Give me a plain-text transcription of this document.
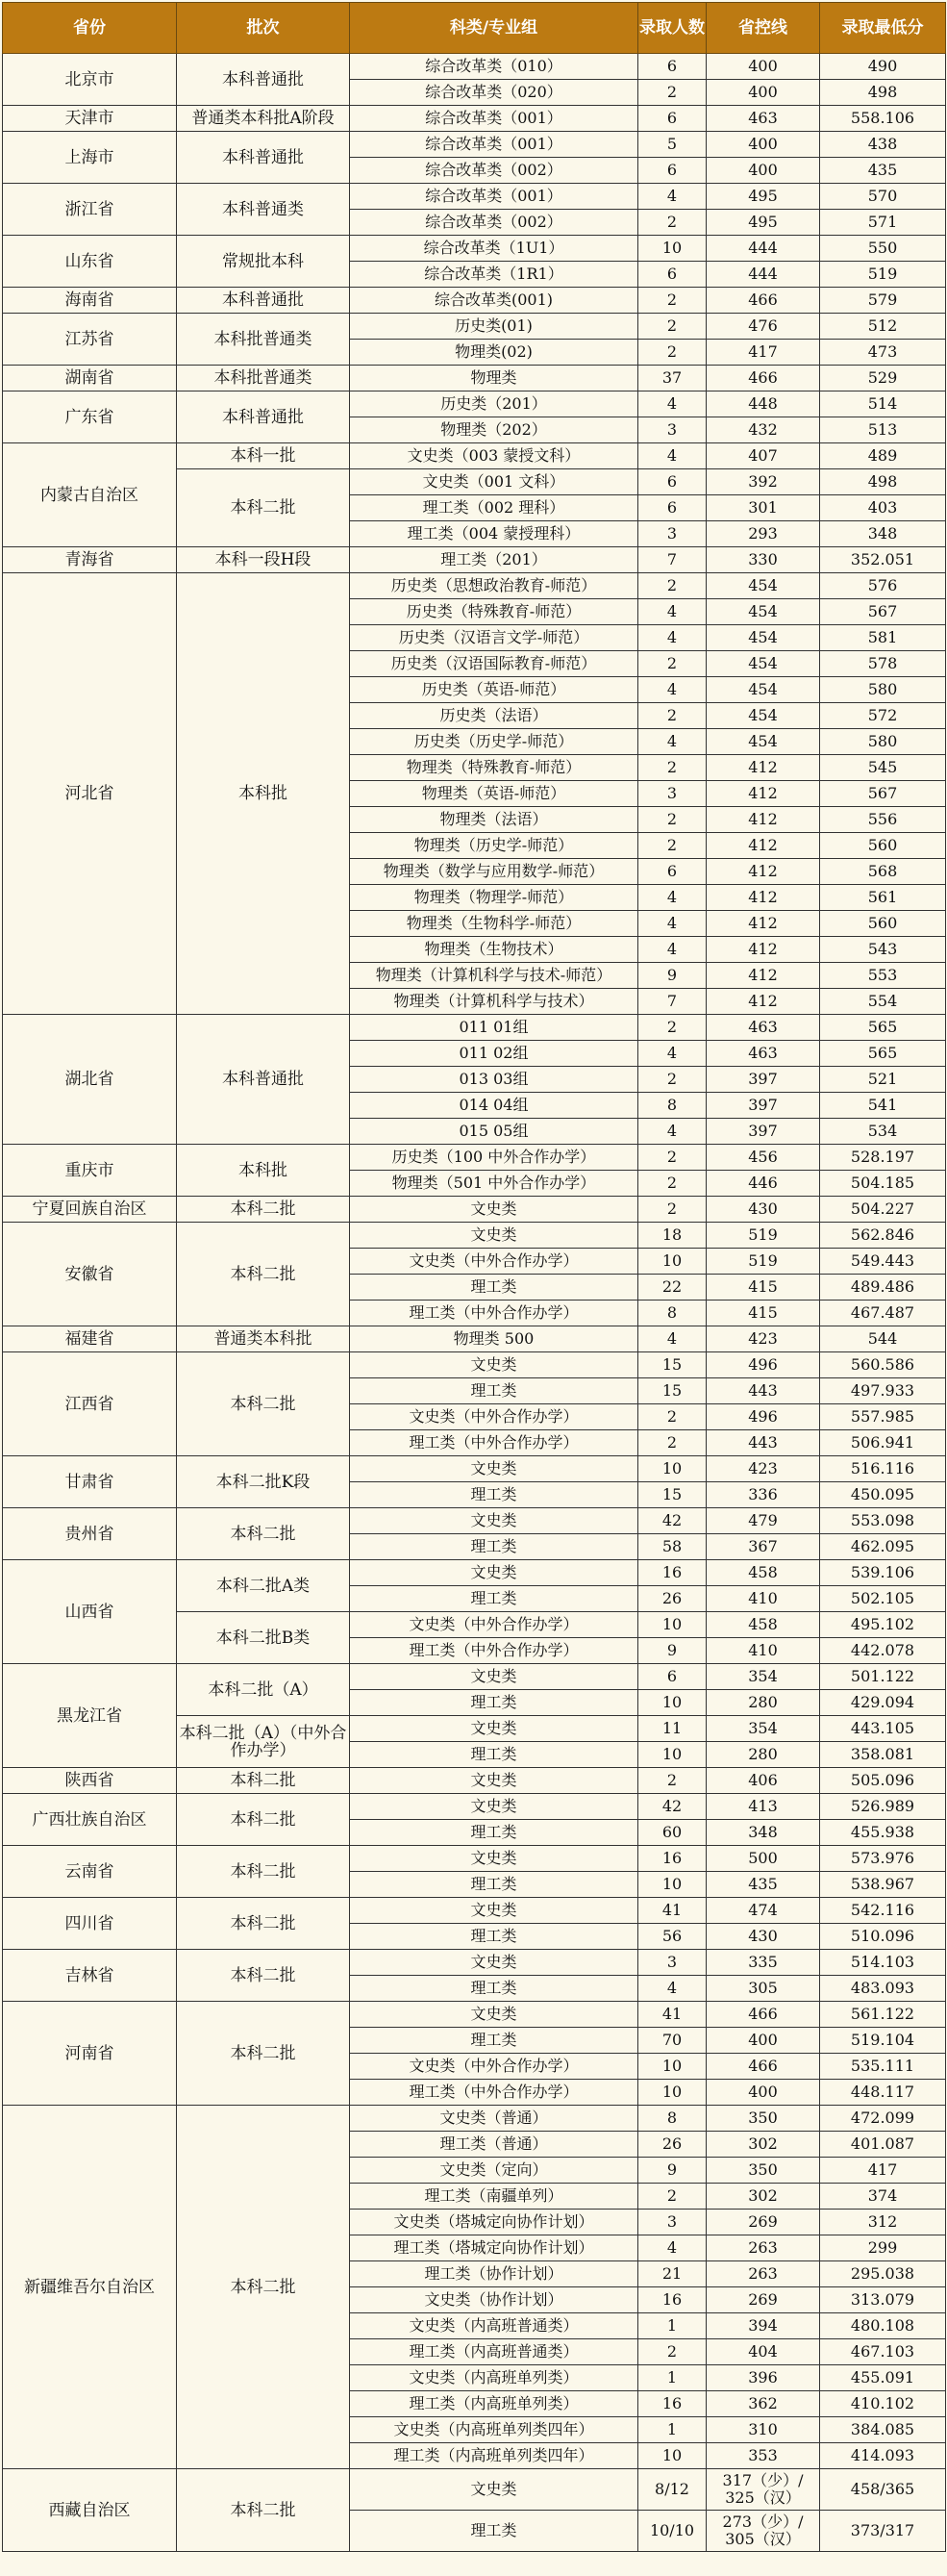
省份	批次	科类/专业组	录取人数	省控线	录取最低分
北京市	本科普通批	综合改革类（010）	6	400	490
		综合改革类（020）	2	400	498
天津市	普通类本科批A阶段	综合改革类（001）	6	463	558.106
上海市	本科普通批	综合改革类（001）	5	400	438
		综合改革类（002）	6	400	435
浙江省	本科普通类	综合改革类（001）	4	495	570
		综合改革类（002）	2	495	571
山东省	常规批本科	综合改革类（1U1）	10	444	550
		综合改革类（1R1）	6	444	519
海南省	本科普通批	综合改革类(001)	2	466	579
江苏省	本科批普通类	历史类(01)	2	476	512
		物理类(02)	2	417	473
湖南省	本科批普通类	物理类	37	466	529
广东省	本科普通批	历史类（201）	4	448	514
		物理类（202）	3	432	513
内蒙古自治区	本科一批	文史类（003 蒙授文科）	4	407	489
	本科二批	文史类（001 文科）	6	392	498
		理工类（002 理科）	6	301	403
		理工类（004 蒙授理科）	3	293	348
青海省	本科一段H段	理工类（201）	7	330	352.051
河北省	本科批	历史类（思想政治教育-师范）	2	454	576
		历史类（特殊教育-师范）	4	454	567
		历史类（汉语言文学-师范）	4	454	581
		历史类（汉语国际教育-师范）	2	454	578
		历史类（英语-师范）	4	454	580
		历史类（法语）	2	454	572
		历史类（历史学-师范）	4	454	580
		物理类（特殊教育-师范）	2	412	545
		物理类（英语-师范）	3	412	567
		物理类（法语）	2	412	556
		物理类（历史学-师范）	2	412	560
		物理类（数学与应用数学-师范）	6	412	568
		物理类（物理学-师范）	4	412	561
		物理类（生物科学-师范）	4	412	560
		物理类（生物技术）	4	412	543
		物理类（计算机科学与技术-师范）	9	412	553
		物理类（计算机科学与技术）	7	412	554
湖北省	本科普通批	011 01组	2	463	565
		011 02组	4	463	565
		013 03组	2	397	521
		014 04组	8	397	541
		015 05组	4	397	534
重庆市	本科批	历史类（100 中外合作办学）	2	456	528.197
		物理类（501 中外合作办学）	2	446	504.185
宁夏回族自治区	本科二批	文史类	2	430	504.227
安徽省	本科二批	文史类	18	519	562.846
		文史类（中外合作办学）	10	519	549.443
		理工类	22	415	489.486
		理工类（中外合作办学）	8	415	467.487
福建省	普通类本科批	物理类 500	4	423	544
江西省	本科二批	文史类	15	496	560.586
		理工类	15	443	497.933
		文史类（中外合作办学）	2	496	557.985
		理工类（中外合作办学）	2	443	506.941
甘肃省	本科二批K段	文史类	10	423	516.116
		理工类	15	336	450.095
贵州省	本科二批	文史类	42	479	553.098
		理工类	58	367	462.095
山西省	本科二批A类	文史类	16	458	539.106
		理工类	26	410	502.105
	本科二批B类	文史类（中外合作办学）	10	458	495.102
		理工类（中外合作办学）	9	410	442.078
黑龙江省	本科二批（A）	文史类	6	354	501.122
		理工类	10	280	429.094
	本科二批（A）（中外合作办学）	文史类	11	354	443.105
		理工类	10	280	358.081
陕西省	本科二批	文史类	2	406	505.096
广西壮族自治区	本科二批	文史类	42	413	526.989
		理工类	60	348	455.938
云南省	本科二批	文史类	16	500	573.976
		理工类	10	435	538.967
四川省	本科二批	文史类	41	474	542.116
		理工类	56	430	510.096
吉林省	本科二批	文史类	3	335	514.103
		理工类	4	305	483.093
河南省	本科二批	文史类	41	466	561.122
		理工类	70	400	519.104
		文史类（中外合作办学）	10	466	535.111
		理工类（中外合作办学）	10	400	448.117
新疆维吾尔自治区	本科二批	文史类（普通）	8	350	472.099
		理工类（普通）	26	302	401.087
		文史类（定向）	9	350	417
		理工类（南疆单列）	2	302	374
		文史类（塔城定向协作计划）	3	269	312
		理工类（塔城定向协作计划）	4	263	299
		理工类（协作计划）	21	263	295.038
		文史类（协作计划）	16	269	313.079
		文史类（内高班普通类）	1	394	480.108
		理工类（内高班普通类）	2	404	467.103
		文史类（内高班单列类）	1	396	455.091
		理工类（内高班单列类）	16	362	410.102
		文史类（内高班单列类四年）	1	310	384.085
		理工类（内高班单列类四年）	10	353	414.093
西藏自治区	本科二批	文史类	8/12	317（少）/ 325（汉）	458/365
		理工类	10/10	273（少）/ 305（汉）	373/317
